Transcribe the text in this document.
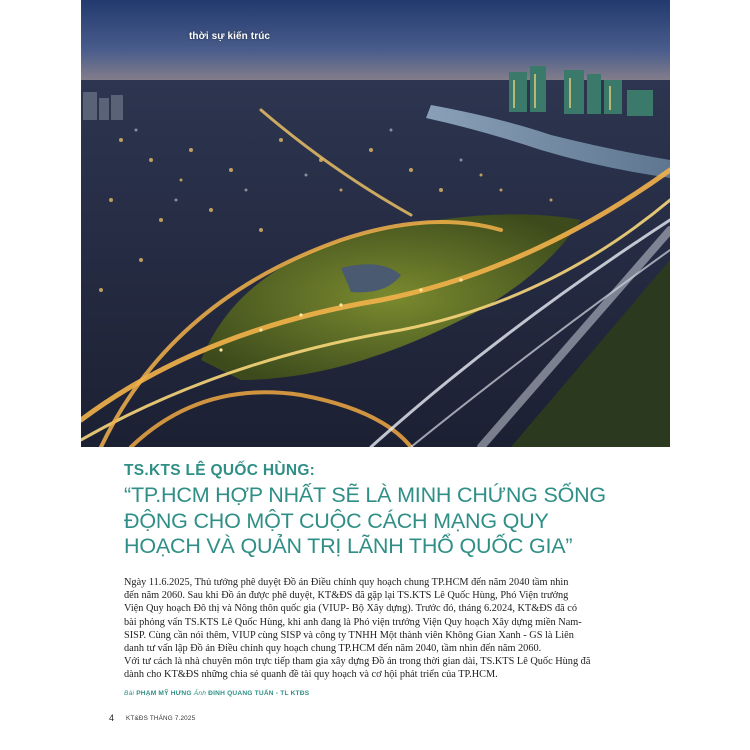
thời sự kiến trúc
TS.KTS LÊ QUỐC HÙNG:
“TP.HCM HỢP NHẤT SẼ LÀ MINH CHỨNG SỐNG
ĐỘNG CHO MỘT CUỘC CÁCH MẠNG QUY
HOẠCH VÀ QUẢN TRỊ LÃNH THỔ QUỐC GIA”
Ngày 11.6.2025, Thủ tướng phê duyệt Đồ án Điều chỉnh quy hoạch chung TP.HCM đến năm 2040 tầm nhìn
đến năm 2060. Sau khi Đồ án được phê duyệt, KT&ĐS đã gặp lại TS.KTS Lê Quốc Hùng, Phó Viện trưởng
Viện Quy hoạch Đô thị và Nông thôn quốc gia (VIUP- Bộ Xây dựng). Trước đó, tháng 6.2024, KT&ĐS đã có
bài phỏng vấn TS.KTS Lê Quốc Hùng, khi anh đang là Phó viện trưởng Viện Quy hoạch Xây dựng miền Nam-
SISP. Cùng cần nói thêm, VIUP cùng SISP và công ty TNHH Một thành viên Không Gian Xanh - GS là Liên
danh tư vấn lập Đồ án Điều chỉnh quy hoạch chung TP.HCM đến năm 2040, tầm nhìn đến năm 2060.
Với tư cách là nhà chuyên môn trực tiếp tham gia xây dựng Đồ án trong thời gian dài, TS.KTS Lê Quốc Hùng đã
dành cho KT&ĐS những chia sẻ quanh đề tài quy hoạch và cơ hội phát triển của TP.HCM.
Bài PHẠM MỸ HƯNG Ảnh ĐINH QUANG TUẤN - TL KTĐS
4 KT&ĐS THÁNG 7.2025
